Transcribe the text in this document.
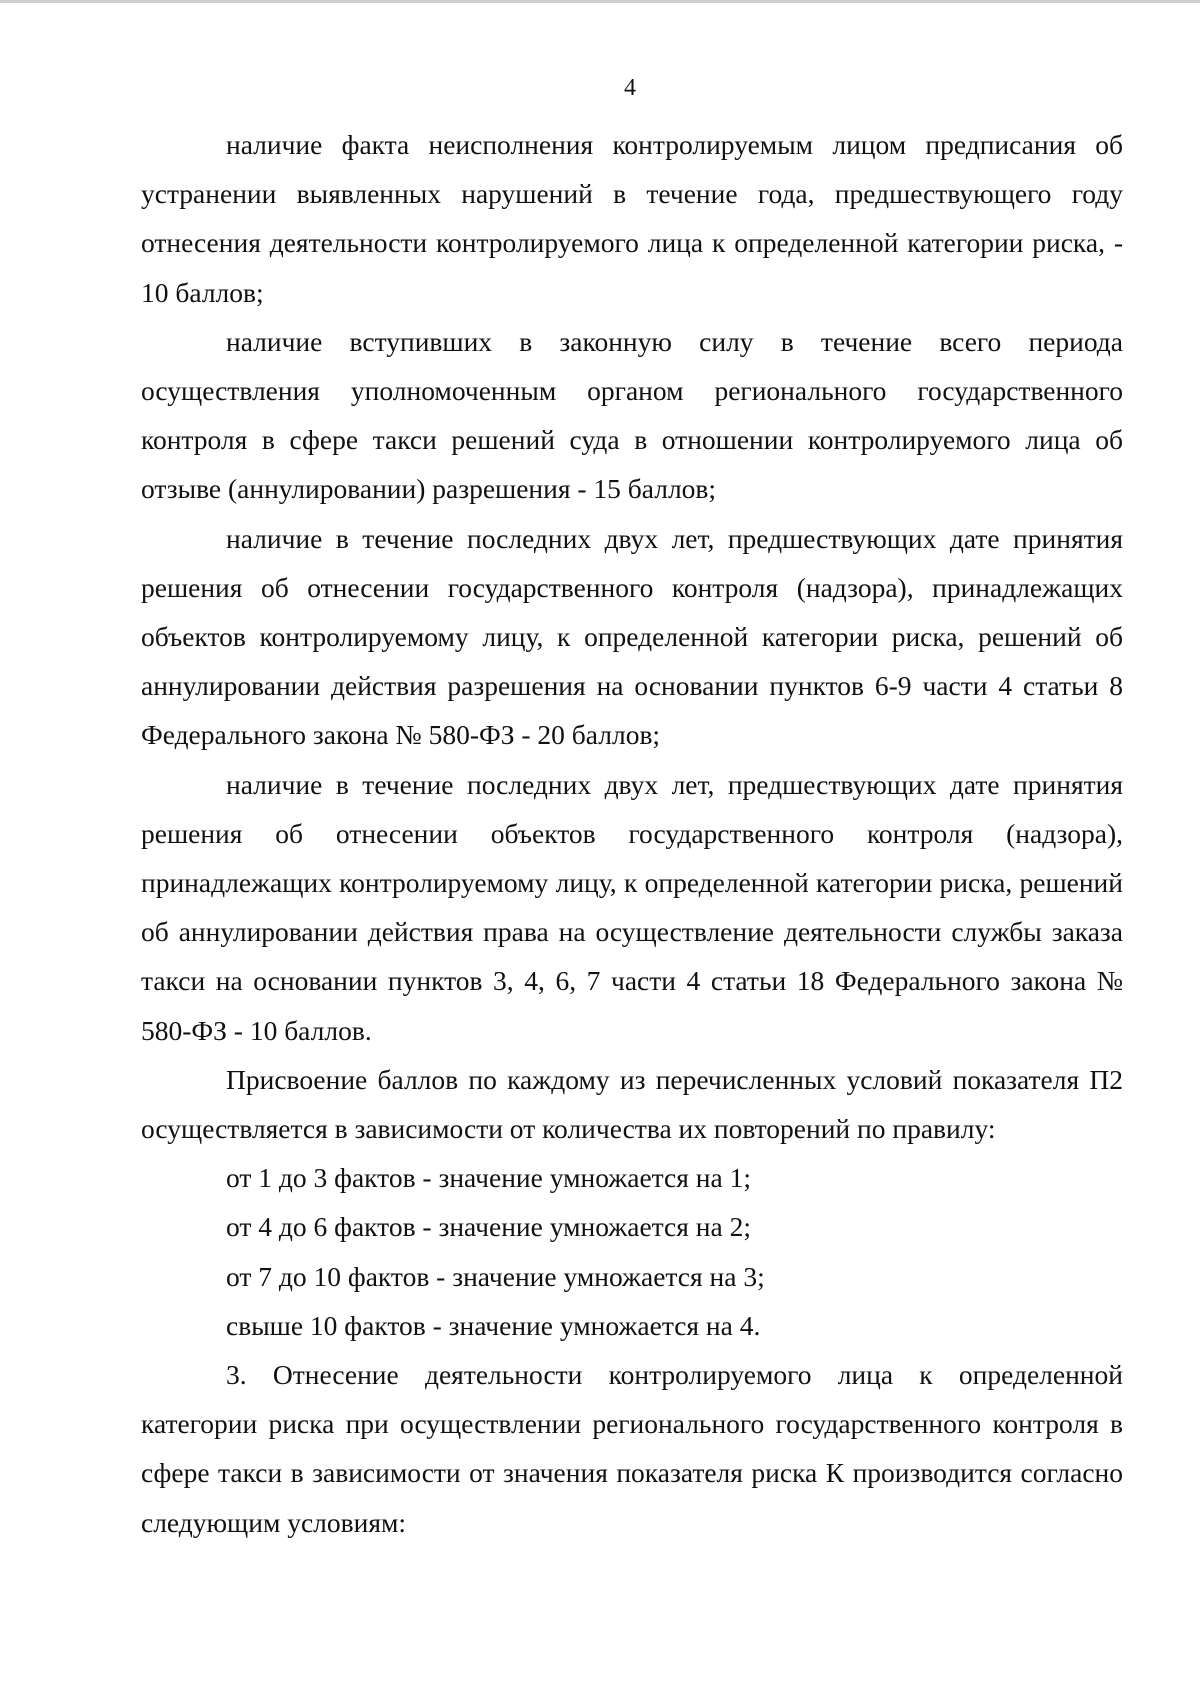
4

наличие факта неисполнения контролируемым лицом предписания об устранении выявленных нарушений в течение года, предшествующего году отнесения деятельности контролируемого лица к определенной категории риска, - 10 баллов;

наличие вступивших в законную силу в течение всего периода осуществления уполномоченным органом регионального государственного контроля в сфере такси решений суда в отношении контролируемого лица об отзыве (аннулировании) разрешения - 15 баллов;

наличие в течение последних двух лет, предшествующих дате принятия решения об отнесении государственного контроля (надзора), принадлежащих объектов контролируемому лицу, к определенной категории риска, решений об аннулировании действия разрешения на основании пунктов 6-9 части 4 статьи 8 Федерального закона № 580-ФЗ - 20 баллов;

наличие в течение последних двух лет, предшествующих дате принятия решения об отнесении объектов государственного контроля (надзора), принадлежащих контролируемому лицу, к определенной категории риска, решений об аннулировании действия права на осуществление деятельности службы заказа такси на основании пунктов 3, 4, 6, 7 части 4 статьи 18 Федерального закона № 580-ФЗ - 10 баллов.

Присвоение баллов по каждому из перечисленных условий показателя П2 осуществляется в зависимости от количества их повторений по правилу:

от 1 до 3 фактов - значение умножается на 1;

от 4 до 6 фактов - значение умножается на 2;

от 7 до 10 фактов - значение умножается на 3;

свыше 10 фактов - значение умножается на 4.

3. Отнесение деятельности контролируемого лица к определенной категории риска при осуществлении регионального государственного контроля в сфере такси в зависимости от значения показателя риска К производится согласно следующим условиям:
